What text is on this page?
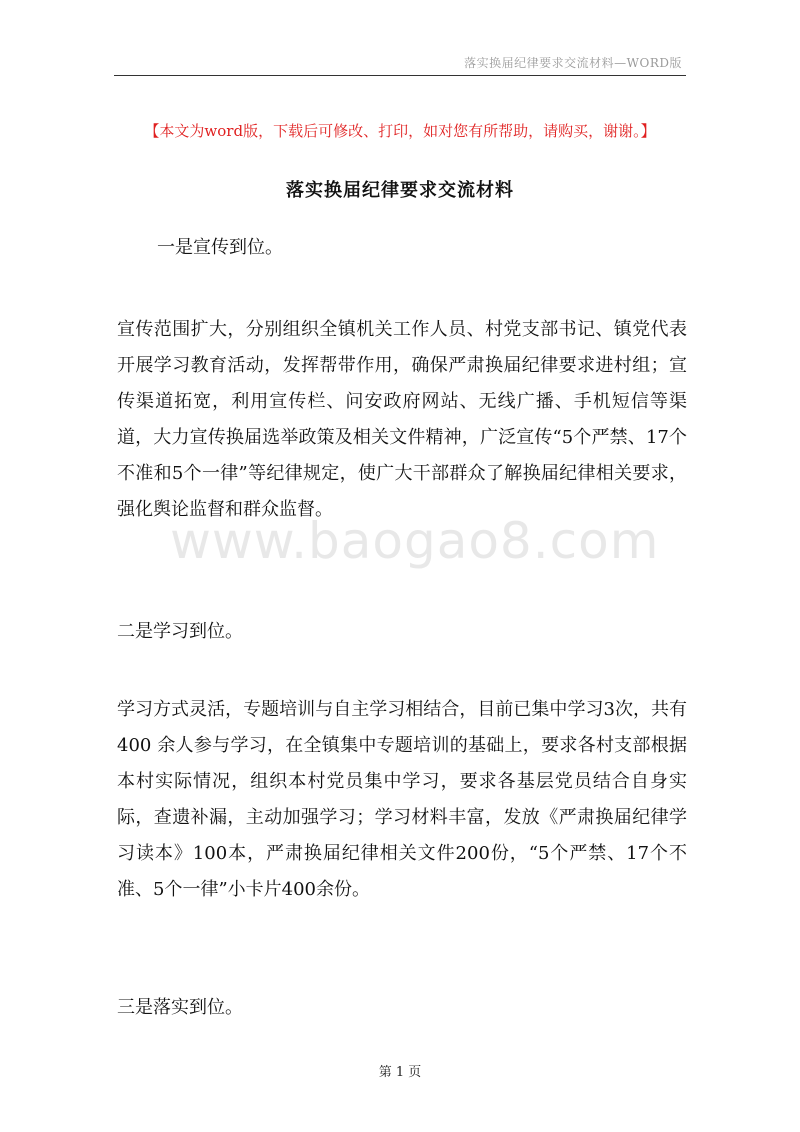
落实换届纪律要求交流材料—WORD版
【本文为word版，下载后可修改、打印，如对您有所帮助，请购买，谢谢。】
落实换届纪律要求交流材料
一是宣传到位。
宣传范围扩大，分别组织全镇机关工作人员、村党支部书记、镇党代表开展学习教育活动，发挥帮带作用，确保严肃换届纪律要求进村组；宣传渠道拓宽，利用宣传栏、问安政府网站、无线广播、手机短信等渠道，大力宣传换届选举政策及相关文件精神，广泛宣传“5个严禁、17个不准和5个一律”等纪律规定，使广大干部群众了解换届纪律相关要求，强化舆论监督和群众监督。
二是学习到位。
学习方式灵活，专题培训与自主学习相结合，目前已集中学习3次，共有 400 余人参与学习，在全镇集中专题培训的基础上，要求各村支部根据本村实际情况，组织本村党员集中学习，要求各基层党员结合自身实际，查遗补漏，主动加强学习；学习材料丰富，发放《严肃换届纪律学习读本》100本，严肃换届纪律相关文件200份，“5个严禁、17个不准、5个一律”小卡片400余份。
三是落实到位。
www.baogao8.com
第 1 页
